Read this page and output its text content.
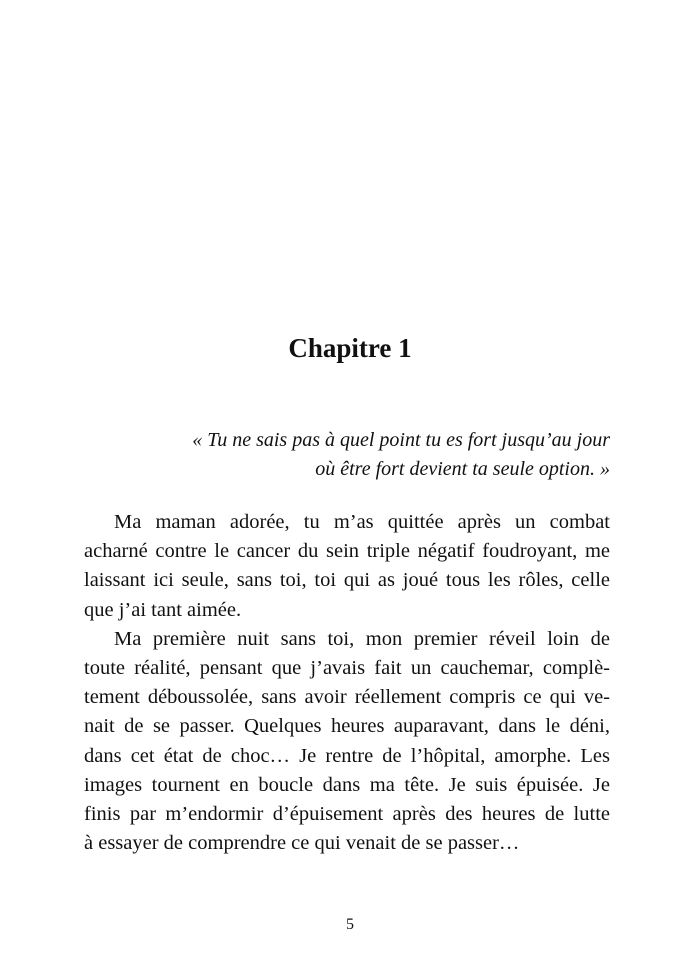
Chapitre 1
« Tu ne sais pas à quel point tu es fort jusqu’au jour
où être fort devient ta seule option. »
Ma maman adorée, tu m’as quittée après un combat
acharné contre le cancer du sein triple négatif foudroyant, me
laissant ici seule, sans toi, toi qui as joué tous les rôles, celle
que j’ai tant aimée.
Ma première nuit sans toi, mon premier réveil loin de
toute réalité, pensant que j’avais fait un cauchemar, complè-
tement déboussolée, sans avoir réellement compris ce qui ve-
nait de se passer. Quelques heures auparavant, dans le déni,
dans cet état de choc… Je rentre de l’hôpital, amorphe. Les
images tournent en boucle dans ma tête. Je suis épuisée. Je
finis par m’endormir d’épuisement après des heures de lutte
à essayer de comprendre ce qui venait de se passer…
5
